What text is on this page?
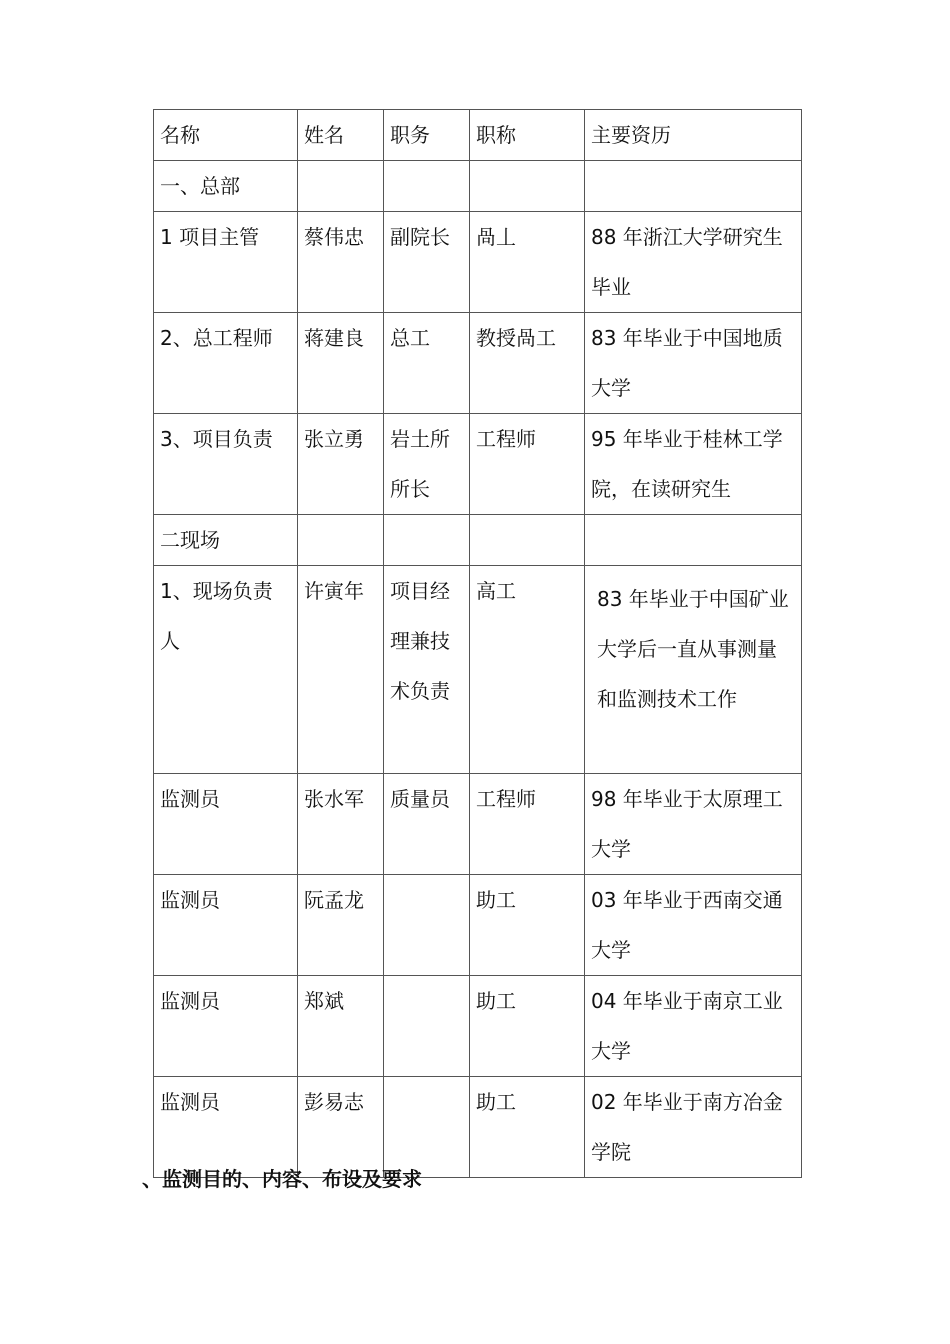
名称	姓名	职务	职称	主要资历
一、总部				
1 项目主管	蔡伟忠	副院长	咼丄	88 年浙江大学研究生毕业
2、总工程师	蒋建良	总工	教授咼工	83 年毕业于中国地质大学
3、项目负责	张立勇	岩土所所长	工程师	95 年毕业于桂林工学院，在读研究生
二现场				
1、现场负责人	许寅年	项目经理兼技术负责	高工	83 年毕业于中国矿业大学后一直从事测量和监测技术工作
监测员	张水军	质量员	工程师	98 年毕业于太原理工大学
监测员	阮孟龙		助工	03 年毕业于西南交通大学
监测员	郑斌		助工	04 年毕业于南京工业大学
监测员	彭易志		助工	02 年毕业于南方冶金学院
、监测目的、内容、布设及要求
